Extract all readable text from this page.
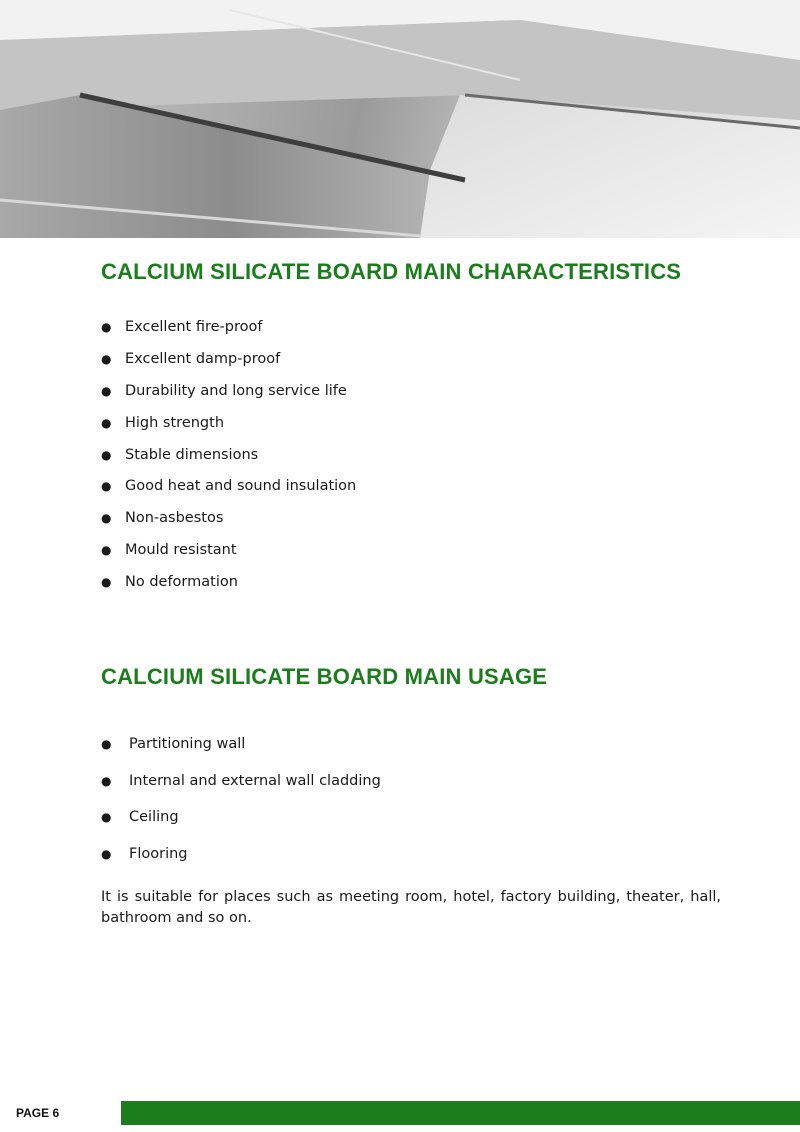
CALCIUM SILICATE BOARD MAIN CHARACTERISTICS
● Excellent fire-proof
● Excellent damp-proof
● Durability and long service life
● High strength
● Stable dimensions
● Good heat and sound insulation
● Non-asbestos
● Mould resistant
● No deformation
CALCIUM SILICATE BOARD MAIN USAGE
● Partitioning wall
● Internal and external wall cladding
● Ceiling
● Flooring

It is suitable for places such as meeting room, hotel, factory building, theater, hall, bathroom and so on.

PAGE 6
